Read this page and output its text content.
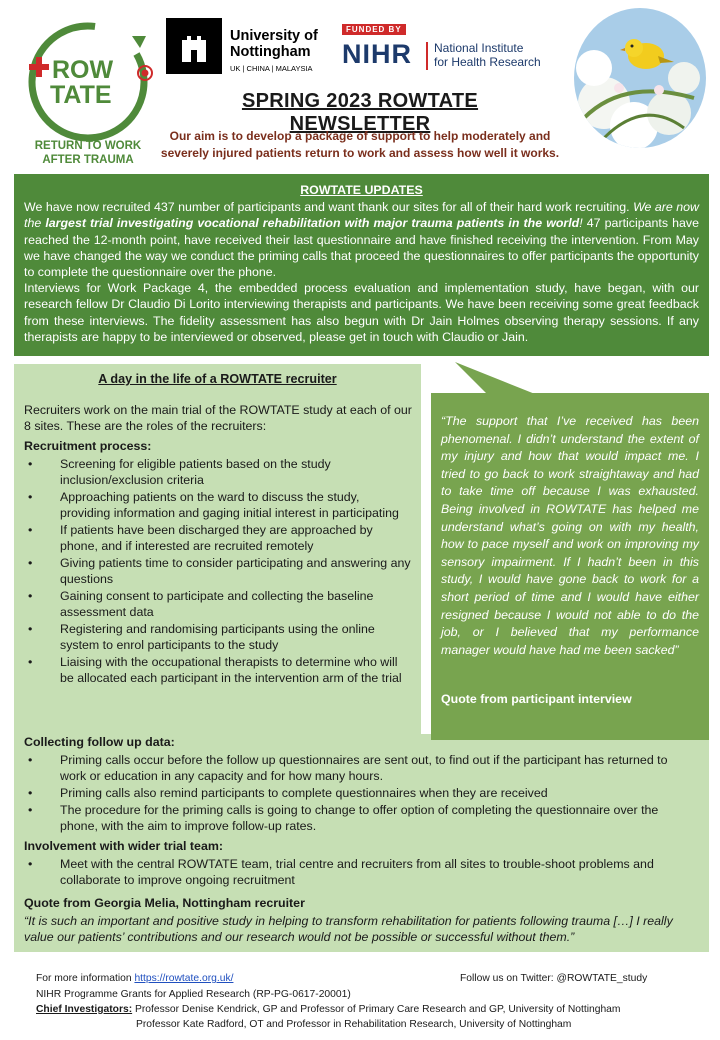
ROW
TATE
RETURN TO WORK
AFTER TRAUMA
University of
Nottingham
UK | CHINA | MALAYSIA
FUNDED BY
NIHR National Institute
for Health Research
SPRING 2023 ROWTATE NEWSLETTER
Our aim is to develop a package of support to help moderately and severely injured patients return to work and assess how well it works.
ROWTATE UPDATES

We have now recruited 437 number of participants and want thank our sites for all of their hard work recruiting. We are now the largest trial investigating vocational rehabilitation with major trauma patients in the world! 47 participants have reached the 12-month point, have received their last questionnaire and have finished receiving the intervention. From May we have changed the way we conduct the priming calls that proceed the questionnaires to offer participants the opportunity to complete the questionnaire over the phone.

Interviews for Work Package 4, the embedded process evaluation and implementation study, have began, with our research fellow Dr Claudio Di Lorito interviewing therapists and participants. We have been receiving some great feedback from these interviews. The fidelity assessment has also begun with Dr Jain Holmes observing therapy sessions. If any therapists are happy to be interviewed or observed, please get in touch with Claudio or Jain.

A day in the life of a ROWTATE recruiter
Recruiters work on the main trial of the ROWTATE study at each of our 8 sites. These are the roles of the recruiters:
Recruitment process:
• Screening for eligible patients based on the study inclusion/exclusion criteria
• Approaching patients on the ward to discuss the study, providing information and gaging initial interest in participating
• If patients have been discharged they are approached by phone, and if interested are recruited remotely
• Giving patients time to consider participating and answering any questions
• Gaining consent to participate and collecting the baseline assessment data
• Registering and randomising participants using the online system to enrol participants to the study
• Liaising with the occupational therapists to determine who will be allocated each participant in the intervention arm of the trial
Collecting follow up data:
• Priming calls occur before the follow up questionnaires are sent out, to find out if the participant has returned to work or education in any capacity and for how many hours.
• Priming calls also remind participants to complete questionnaires when they are received
• The procedure for the priming calls is going to change to offer option of completing the questionnaire over the phone, with the aim to improve follow-up rates.
Involvement with wider trial team:
• Meet with the central ROWTATE team, trial centre and recruiters from all sites to trouble-shoot problems and collaborate to improve ongoing recruitment
Quote from Georgia Melia, Nottingham recruiter
“It is such an important and positive study in helping to transform rehabilitation for patients following trauma […] I really value our patients’ contributions and our research would not be possible or successful without them.”
“The support that I’ve received has been phenomenal. I didn’t understand the extent of my injury and how that would impact me. I tried to go back to work straightaway and had to take time off because I was exhausted. Being involved in ROWTATE has helped me understand what’s going on with my health, how to pace myself and work on improving my sensory impairment. If I hadn’t been in this study, I would have gone back to work for a short period of time and I would have either resigned because I would not able to do the job, or I believed that my performance manager would have had me been sacked”
Quote from participant interview
For more information https://rowtate.org.uk/	Follow us on Twitter: @ROWTATE_study
NIHR Programme Grants for Applied Research (RP-PG-0617-20001)
Chief Investigators: Professor Denise Kendrick, GP and Professor of Primary Care Research and GP, University of Nottingham
Professor Kate Radford, OT and Professor in Rehabilitation Research, University of Nottingham
